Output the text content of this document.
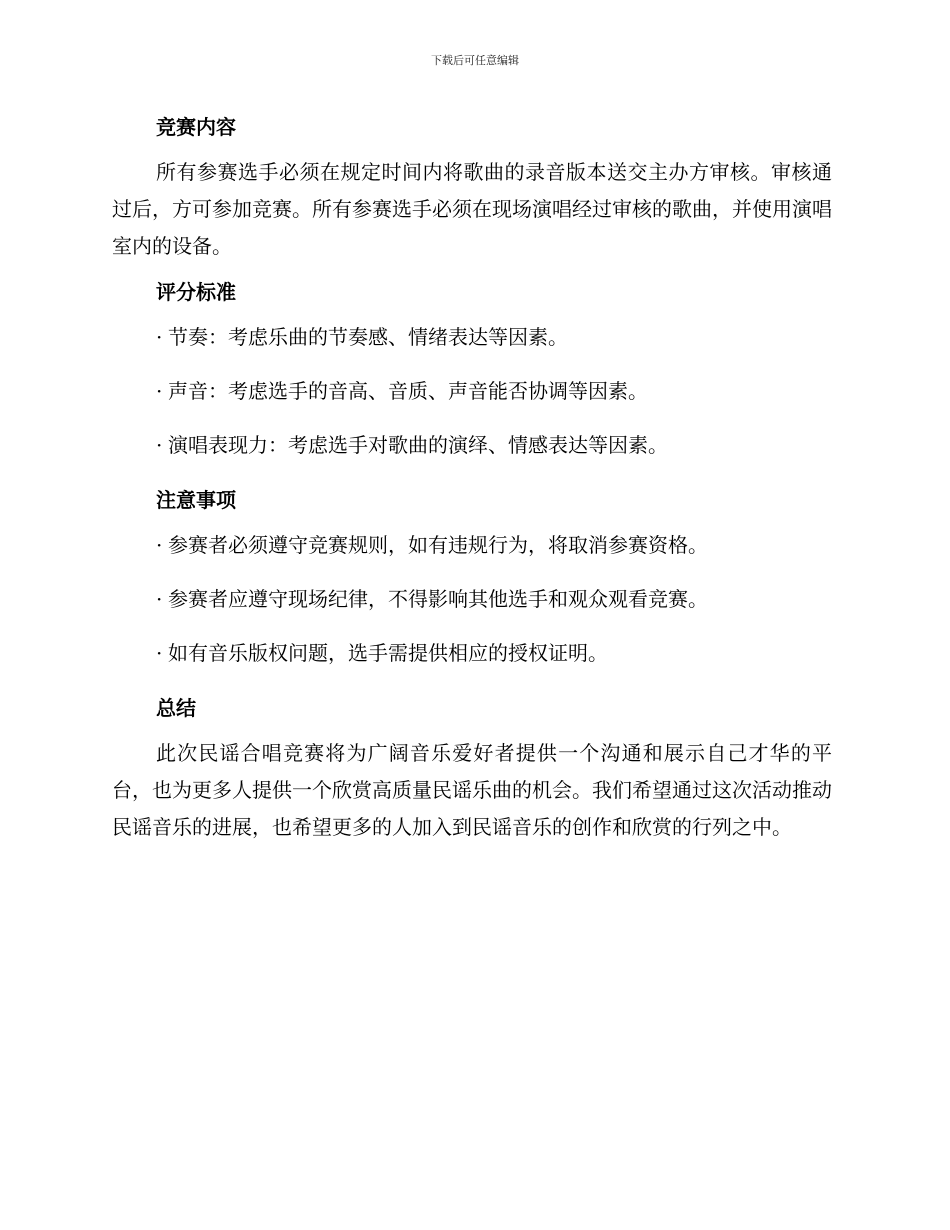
下载后可任意编辑
竞赛内容

所有参赛选手必须在规定时间内将歌曲的录音版本送交主办方审核。审核通过后，方可参加竞赛。所有参赛选手必须在现场演唱经过审核的歌曲，并使用演唱室内的设备。

评分标准

· 节奏：考虑乐曲的节奏感、情绪表达等因素。

· 声音：考虑选手的音高、音质、声音能否协调等因素。

· 演唱表现力：考虑选手对歌曲的演绎、情感表达等因素。

注意事项

· 参赛者必须遵守竞赛规则，如有违规行为，将取消参赛资格。

· 参赛者应遵守现场纪律，不得影响其他选手和观众观看竞赛。

· 如有音乐版权问题，选手需提供相应的授权证明。

总结

此次民谣合唱竞赛将为广阔音乐爱好者提供一个沟通和展示自己才华的平台，也为更多人提供一个欣赏高质量民谣乐曲的机会。我们希望通过这次活动推动民谣音乐的进展，也希望更多的人加入到民谣音乐的创作和欣赏的行列之中。
